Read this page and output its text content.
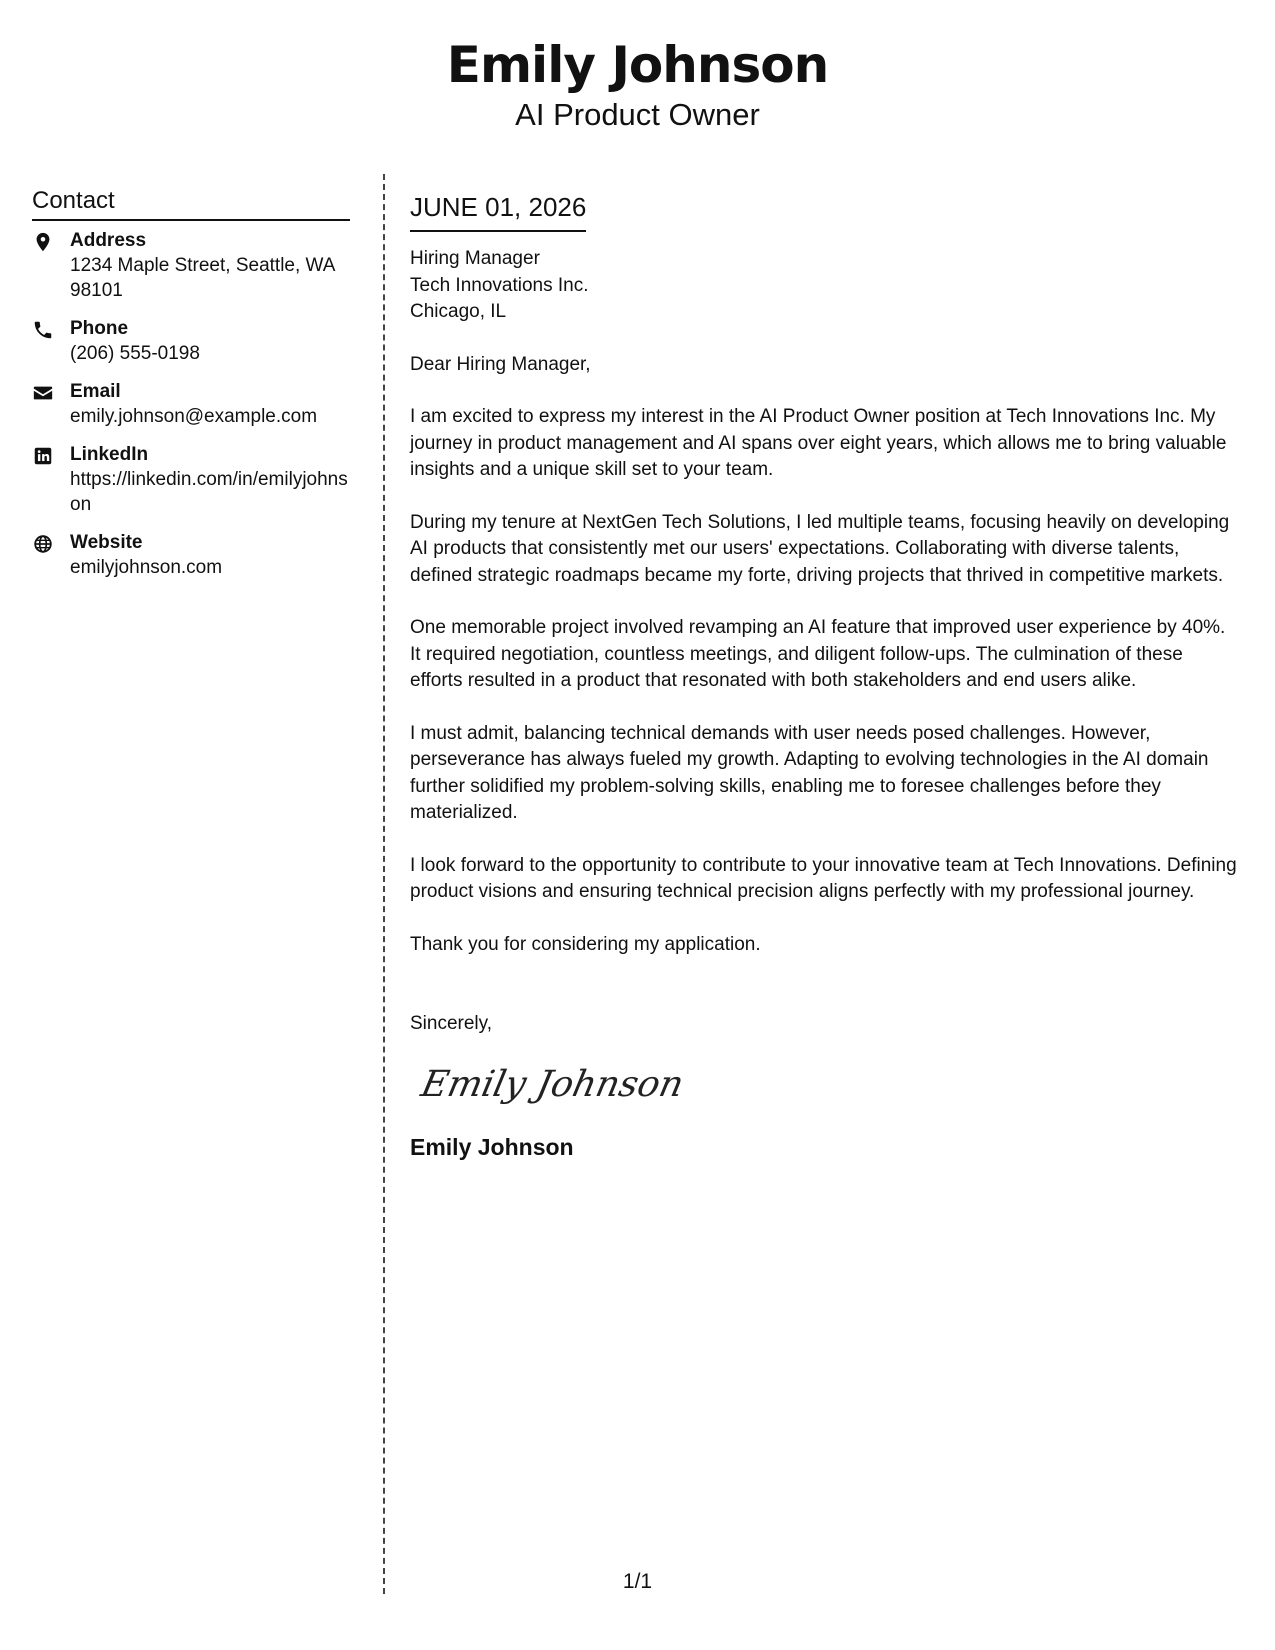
Emily Johnson
AI Product Owner
Contact
Address
1234 Maple Street, Seattle, WA 98101
Phone
(206) 555-0198
Email
emily.johnson@example.com
LinkedIn
https://linkedin.com/in/emilyjohnson
Website
emilyjohnson.com
JUNE 01, 2026
Hiring Manager
Tech Innovations Inc.
Chicago, IL
Dear Hiring Manager,

I am excited to express my interest in the AI Product Owner position at Tech Innovations Inc. My journey in product management and AI spans over eight years, which allows me to bring valuable insights and a unique skill set to your team.

During my tenure at NextGen Tech Solutions, I led multiple teams, focusing heavily on developing AI products that consistently met our users' expectations. Collaborating with diverse talents, defined strategic roadmaps became my forte, driving projects that thrived in competitive markets.

One memorable project involved revamping an AI feature that improved user experience by 40%. It required negotiation, countless meetings, and diligent follow-ups. The culmination of these efforts resulted in a product that resonated with both stakeholders and end users alike.

I must admit, balancing technical demands with user needs posed challenges. However, perseverance has always fueled my growth. Adapting to evolving technologies in the AI domain further solidified my problem-solving skills, enabling me to foresee challenges before they materialized.

I look forward to the opportunity to contribute to your innovative team at Tech Innovations. Defining product visions and ensuring technical precision aligns perfectly with my professional journey.

Thank you for considering my application.

Sincerely,
Emily Johnson
Emily Johnson
1/1
